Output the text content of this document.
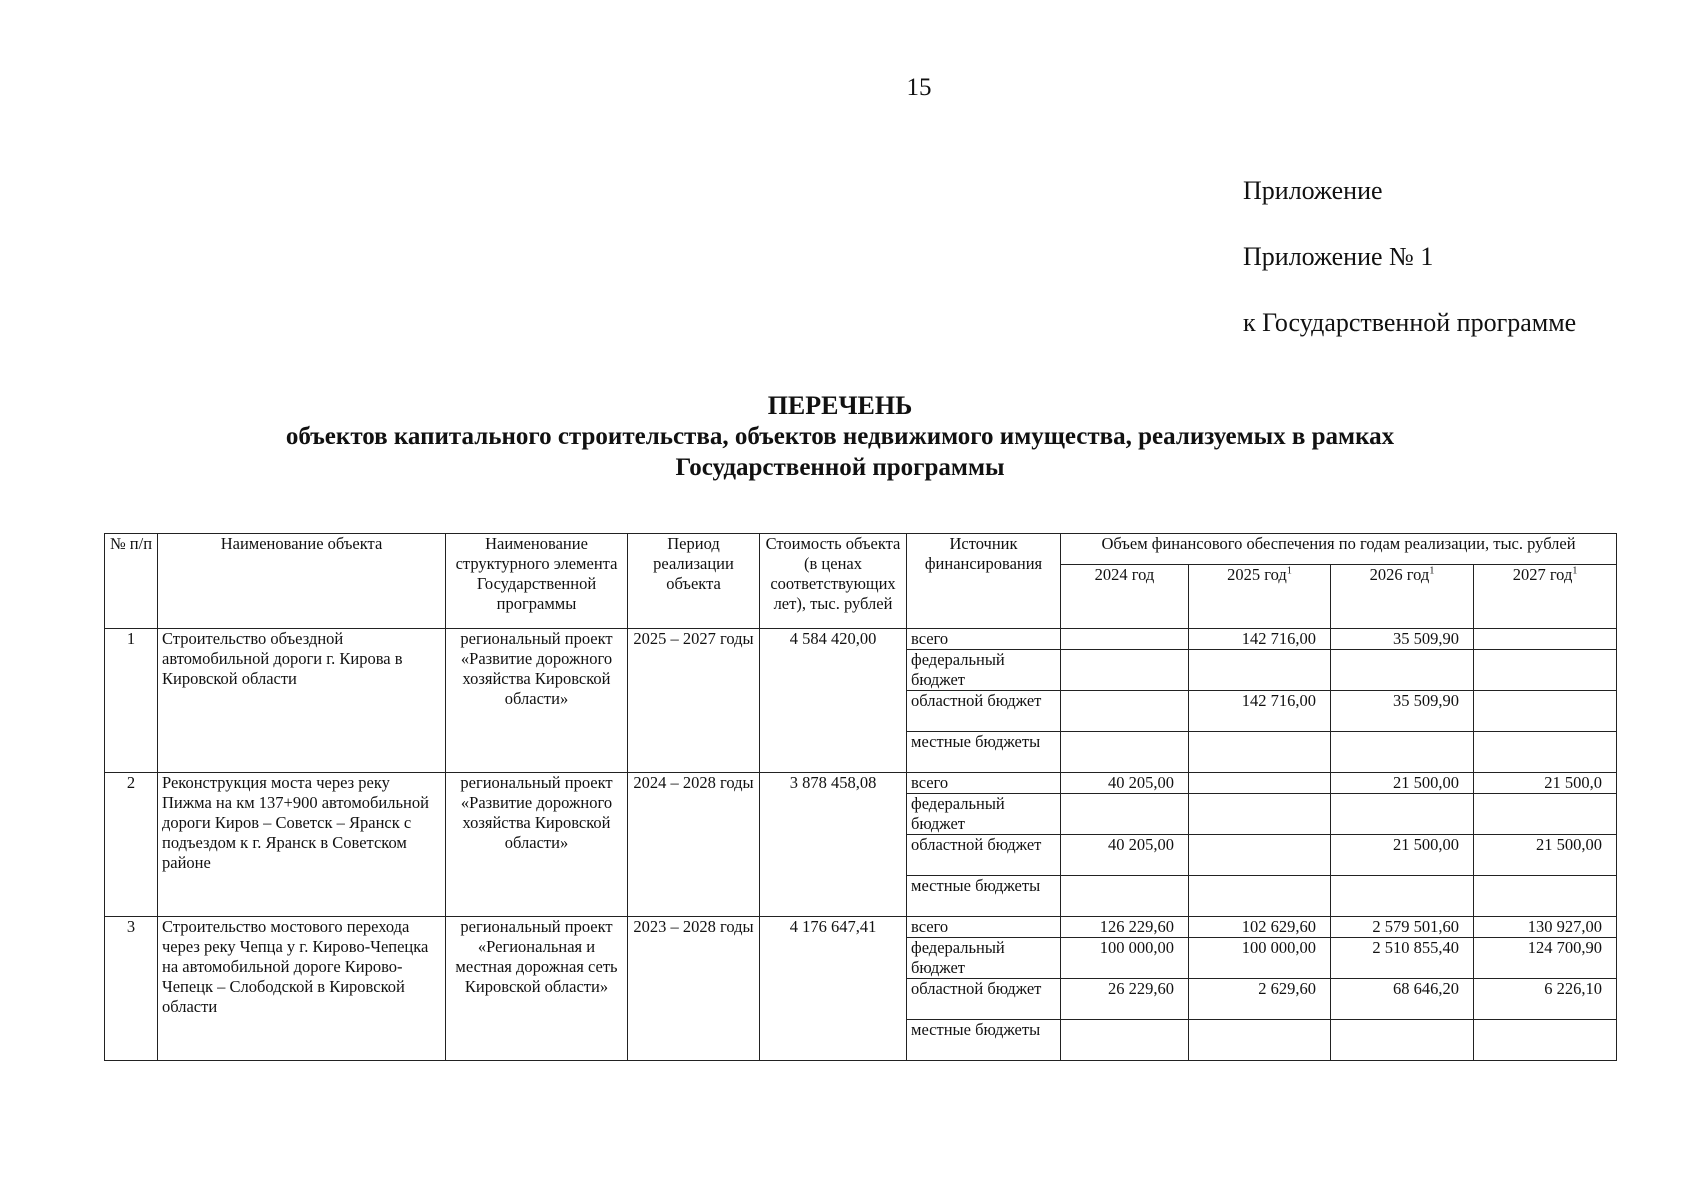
15
Приложение
Приложение № 1
к Государственной программе
ПЕРЕЧЕНЬ
объектов капитального строительства, объектов недвижимого имущества, реализуемых в рамках
Государственной программы
№ п/п	Наименование объекта	Наименование структурного элемента Государственной программы	Период реализации объекта	Стоимость объекта (в ценах соответствующих лет), тыс. рублей	Источник финансирования	Объем финансового обеспечения по годам реализации, тыс. рублей			
						2024 год	2025 год$^1$	2026 год$^1$	2027 год$^1$
1	Строительство объездной автомобильной дороги г. Кирова в Кировской области	региональный проект «Развитие дорожного хозяйства Кировской области»	2025 – 2027 годы	4 584 420,00	всего		142 716,00	35 509,90	
					федеральный бюджет				
					областной бюджет		142 716,00	35 509,90	
					местные бюджеты				
2	Реконструкция моста через реку Пижма на км 137+900 автомобильной дороги Киров – Советск – Яранск с подъездом к г. Яранск в Советском районе	региональный проект «Развитие дорожного хозяйства Кировской области»	2024 – 2028 годы	3 878 458,08	всего	40 205,00		21 500,00	21 500,0
					федеральный бюджет				
					областной бюджет	40 205,00		21 500,00	21 500,00
					местные бюджеты				
3	Строительство мостового перехода через реку Чепца у г. Кирово-Чепецка на автомобильной дороге Кирово-Чепецк – Слободской в Кировской области	региональный проект «Региональная и местная дорожная сеть Кировской области»	2023 – 2028 годы	4 176 647,41	всего	126 229,60	102 629,60	2 579 501,60	130 927,00
					федеральный бюджет	100 000,00	100 000,00	2 510 855,40	124 700,90
					областной бюджет	26 229,60	2 629,60	68 646,20	6 226,10
					местные бюджеты				
